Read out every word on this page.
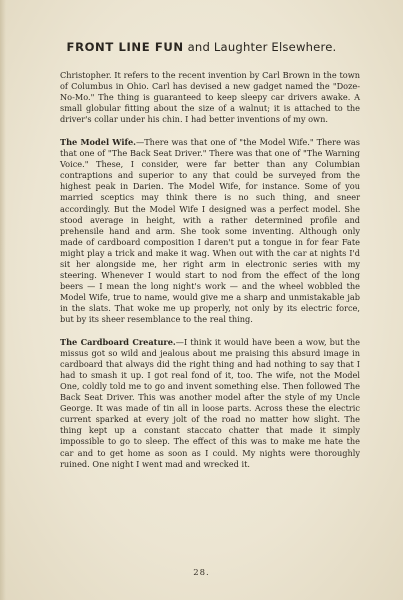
FRONT LINE FUN and Laughter Elsewhere.

Christopher. It refers to the recent invention by Carl Brown in the town of Columbus in Ohio. Carl has devised a new gadget named the "Doze-No-Mo." The thing is guaranteed to keep sleepy car drivers awake. A small globular fitting about the size of a walnut; it is attached to the driver's collar under his chin. I had better inventions of my own.

The Model Wife.—There was that one of "the Model Wife." There was that one of "The Back Seat Driver." There was that one of "The Warning Voice." These, I consider, were far better than any Columbian contraptions and superior to any that could be surveyed from the highest peak in Darien. The Model Wife, for instance. Some of you married sceptics may think there is no such thing, and sneer accordingly. But the Model Wife I designed was a perfect model. She stood average in height, with a rather determined profile and prehensile hand and arm. She took some inventing. Although only made of cardboard composition I daren't put a tongue in for fear Fate might play a trick and make it wag. When out with the car at nights I'd sit her alongside me, her right arm in electronic series with my steering. Whenever I would start to nod from the effect of the long beers — I mean the long night's work — and the wheel wobbled the Model Wife, true to name, would give me a sharp and unmistakable jab in the slats. That woke me up properly, not only by its electric force, but by its sheer resemblance to the real thing.

The Cardboard Creature.—I think it would have been a wow, but the missus got so wild and jealous about me praising this absurd image in cardboard that always did the right thing and had nothing to say that I had to smash it up. I got real fond of it, too. The wife, not the Model One, coldly told me to go and invent something else. Then followed The Back Seat Driver. This was another model after the style of my Uncle George. It was made of tin all in loose parts. Across these the electric current sparked at every jolt of the road no matter how slight. The thing kept up a constant staccato chatter that made it simply impossible to go to sleep. The effect of this was to make me hate the car and to get home as soon as I could. My nights were thoroughly ruined. One night I went mad and wrecked it.

28.
